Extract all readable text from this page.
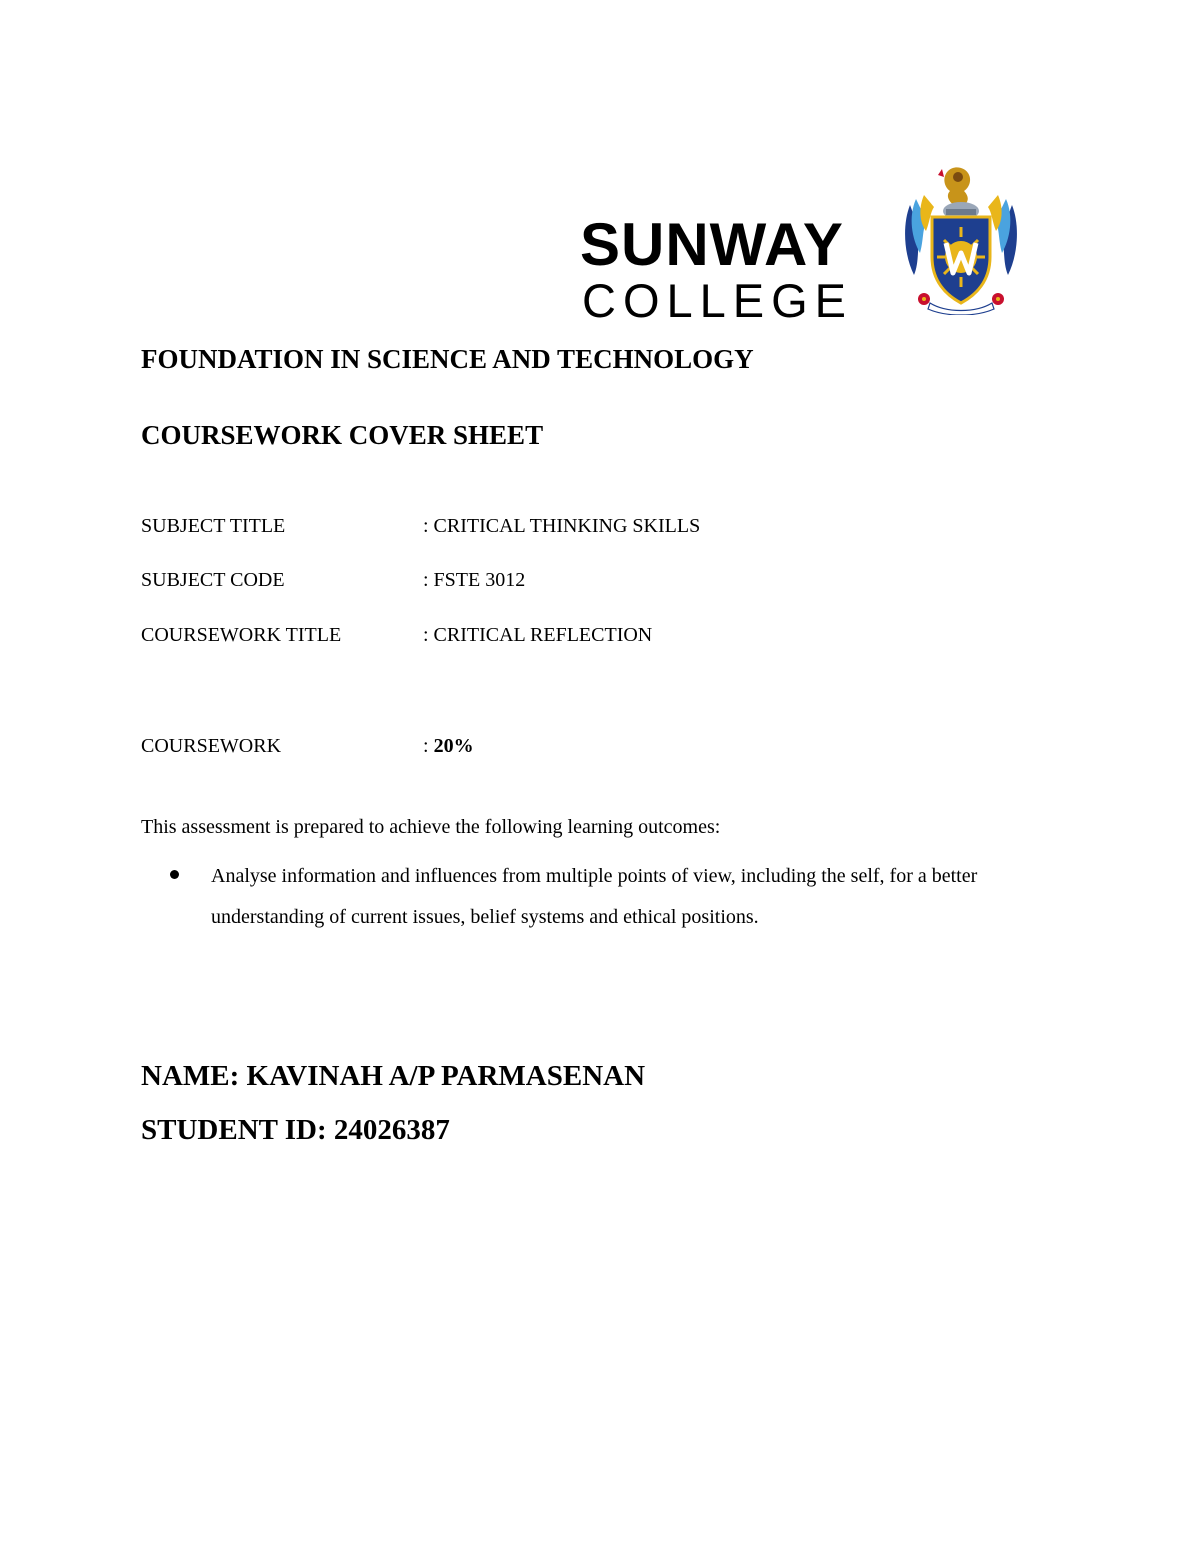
SUNWAY
COLLEGE
FOUNDATION IN SCIENCE AND TECHNOLOGY
COURSEWORK COVER SHEET
SUBJECT TITLE	: CRITICAL THINKING SKILLS
SUBJECT CODE	: FSTE 3012
COURSEWORK TITLE	: CRITICAL REFLECTION
COURSEWORK	: 20%
This assessment is prepared to achieve the following learning outcomes:
Analyse information and influences from multiple points of view, including the self, for a better understanding of current issues, belief systems and ethical positions.
NAME: KAVINAH A/P PARMASENAN
STUDENT ID: 24026387
